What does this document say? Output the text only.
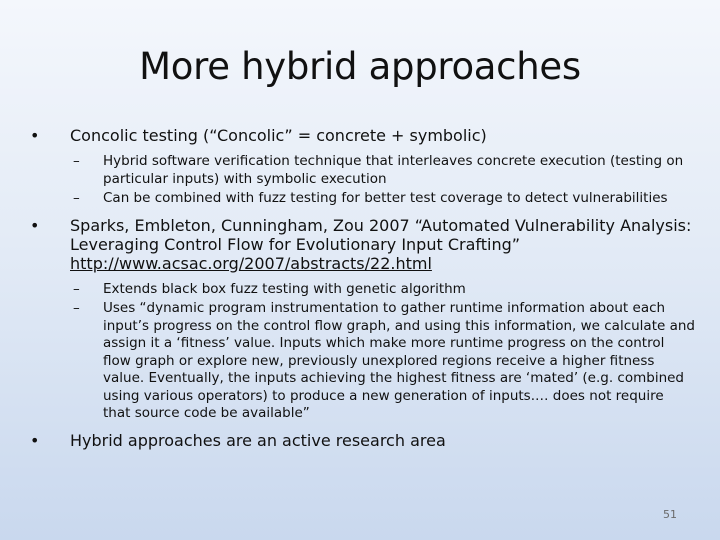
More hybrid approaches
•	Concolic testing (“Concolic” = concrete + symbolic)
– Hybrid software verification technique that interleaves concrete execution (testing on particular inputs) with symbolic execution
– Can be combined with fuzz testing for better test coverage to detect vulnerabilities
•	Sparks, Embleton, Cunningham, Zou 2007 “Automated Vulnerability Analysis: Leveraging Control Flow for Evolutionary Input Crafting” http://www.acsac.org/2007/abstracts/22.html
– Extends black box fuzz testing with genetic algorithm
– Uses “dynamic program instrumentation to gather runtime information about each input’s progress on the control flow graph, and using this information, we calculate and assign it a ‘fitness’ value. Inputs which make more runtime progress on the control flow graph or explore new, previously unexplored regions receive a higher fitness value. Eventually, the inputs achieving the highest fitness are ‘mated’ (e.g. combined using various operators) to produce a new generation of inputs.… does not require that source code be available”
•	Hybrid approaches are an active research area
51
